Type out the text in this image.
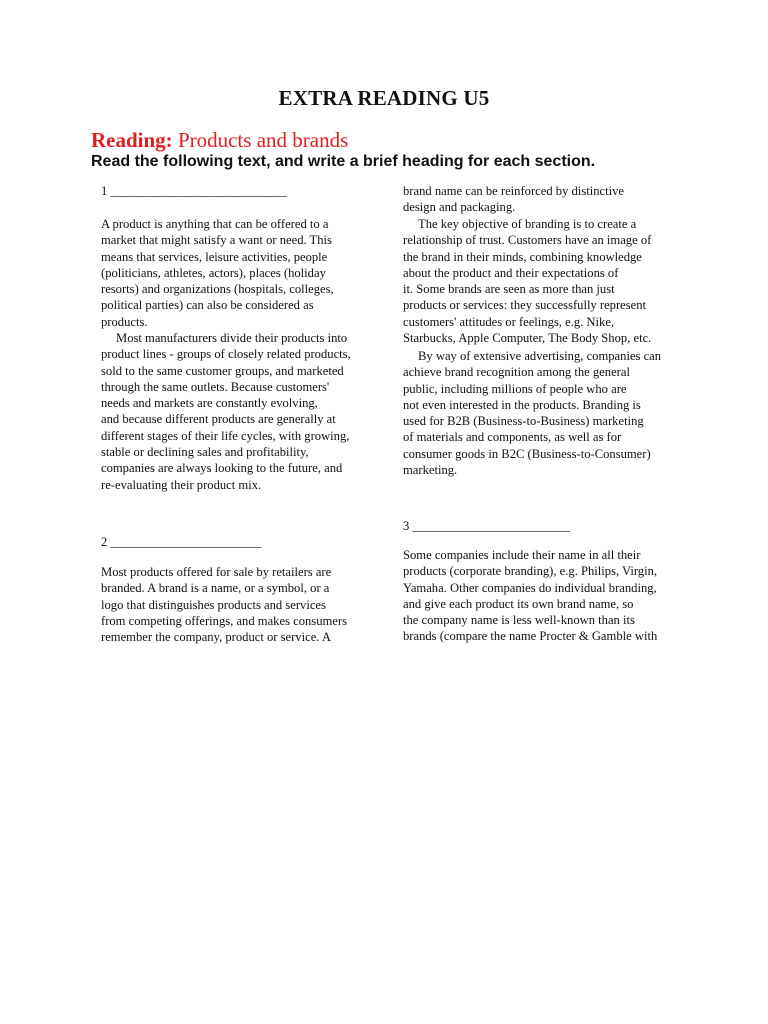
EXTRA READING U5
Reading: Products and brands
Read the following text, and write a brief heading for each section.
1 ____________________________
A product is anything that can be offered to a
market that might satisfy a want or need. This
means that services, leisure activities, people
(politicians, athletes, actors), places (holiday
resorts) and organizations (hospitals, colleges,
political parties) can also be considered as
products.
Most manufacturers divide their products into
product lines - groups of closely related products,
sold to the same customer groups, and marketed
through the same outlets. Because customers'
needs and markets are constantly evolving,
and because different products are generally at
different stages of their life cycles, with growing,
stable or declining sales and profitability,
companies are always looking to the future, and
re-evaluating their product mix.
2 ________________________
Most products offered for sale by retailers are
branded. A brand is a name, or a symbol, or a
logo that distinguishes products and services
from competing offerings, and makes consumers
remember the company, product or service. A
brand name can be reinforced by distinctive
design and packaging.
The key objective of branding is to create a
relationship of trust. Customers have an image of
the brand in their minds, combining knowledge
about the product and their expectations of
it. Some brands are seen as more than just
products or services: they successfully represent
customers' attitudes or feelings, e.g. Nike,
Starbucks, Apple Computer, The Body Shop, etc.
By way of extensive advertising, companies can
achieve brand recognition among the general
public, including millions of people who are
not even interested in the products. Branding is
used for B2B (Business-to-Business) marketing
of materials and components, as well as for
consumer goods in B2C (Business-to-Consumer)
marketing.
3 _________________________
Some companies include their name in all their
products (corporate branding), e.g. Philips, Virgin,
Yamaha. Other companies do individual branding,
and give each product its own brand name, so
the company name is less well-known than its
brands (compare the name Procter & Gamble with
